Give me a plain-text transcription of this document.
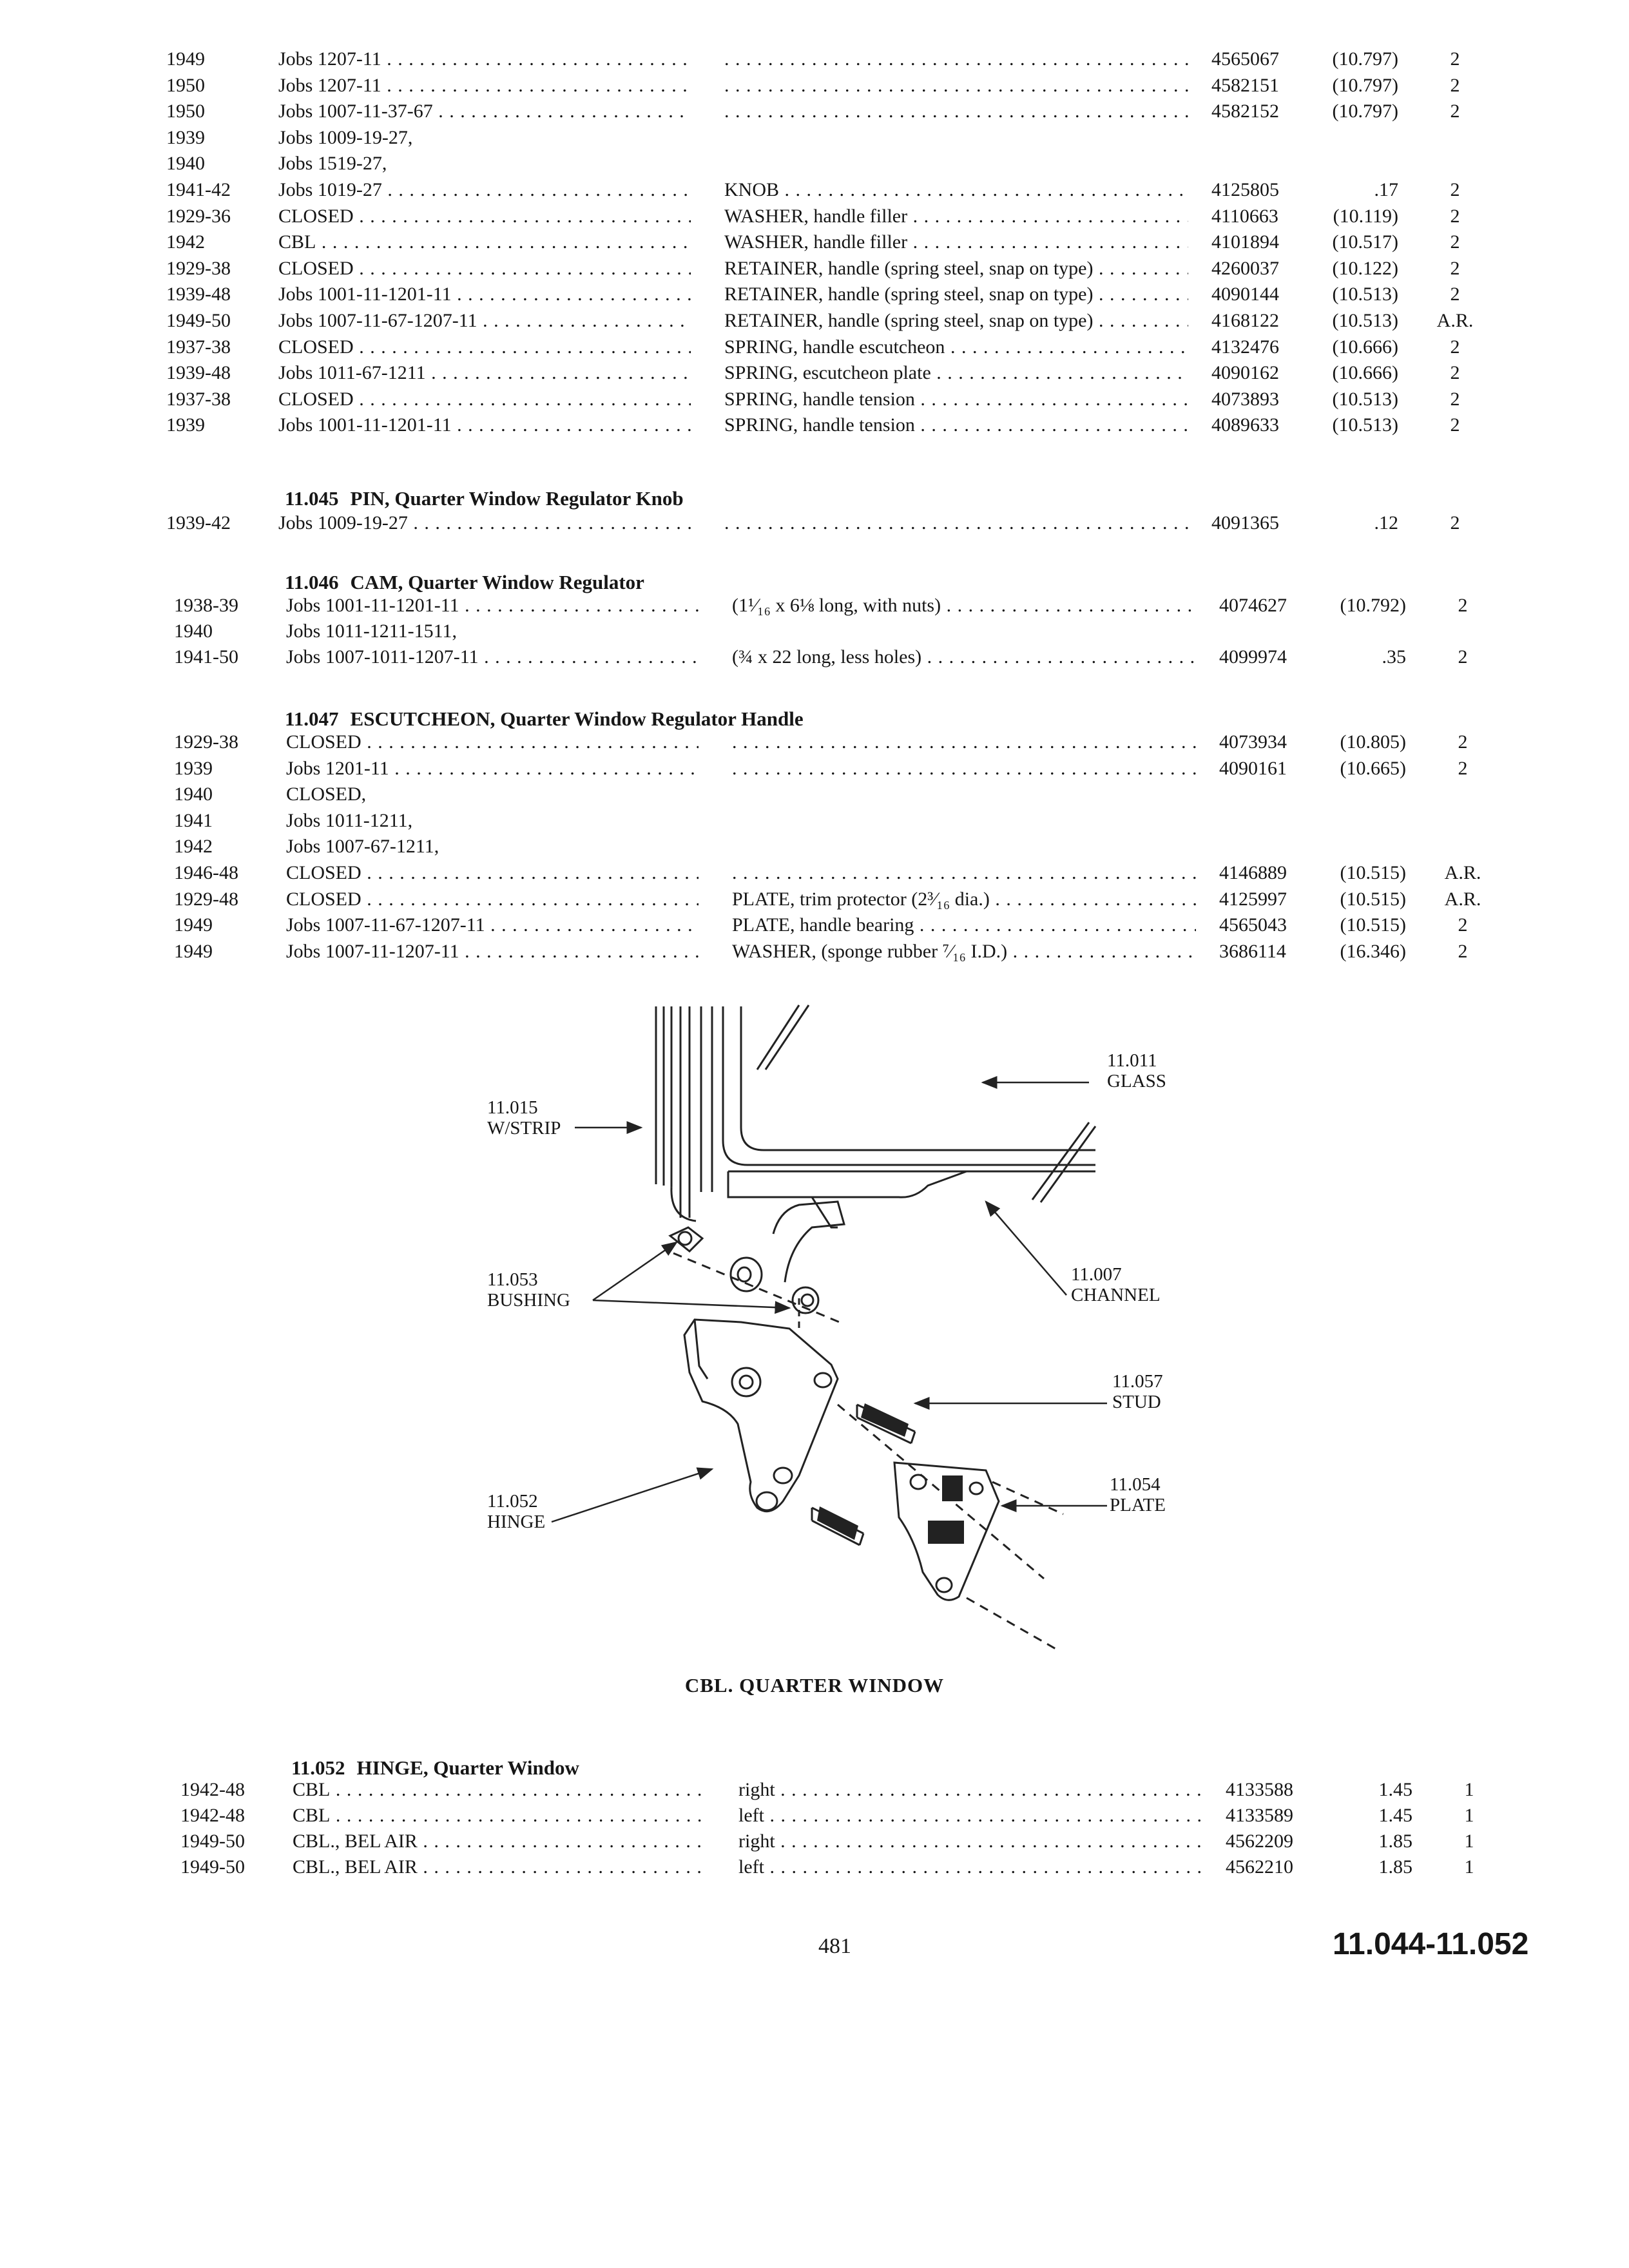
11.045 PIN, Quarter Window Regulator Knob
11.046 CAM, Quarter Window Regulator
11.047 ESCUTCHEON, Quarter Window Regulator Handle
11.052 HINGE, Quarter Window
1949	Jobs 1207-11 . . . . . .	4565067	(10.797)	2
1950	Jobs 1207-11 . . . . . .	4582151	(10.797)	2
1950	Jobs 1007-11-37-67 . . . . . .	4582152	(10.797)	2
1939	Jobs 1009-19-27,
1940	Jobs 1519-27,
1941-42 Jobs 1019-27 . . .	KNOB . . .	4125805	.17	2
1929-36 CLOSED . . .	WASHER, handle filler . . .	4110663	(10.119)	2
1942	CBL . . .	WASHER, handle filler . . .	4101894	(10.517)	2
1929-38 CLOSED . . .	RETAINER, handle (spring steel, snap on type) . . .	4260037	(10.122)	2
1939-48 Jobs 1001-11-1201-11 . . .	RETAINER, handle (spring steel, snap on type) . . .	4090144	(10.513)	2
1949-50 Jobs 1007-11-67-1207-11 . . .	RETAINER, handle (spring steel, snap on type) . . .	4168122	(10.513) A.R.
1937-38 CLOSED . . .	SPRING, handle escutcheon . . .	4132476	(10.666)	2
1939-48 Jobs 1011-67-1211 . . .	SPRING, escutcheon plate . . .	4090162	(10.666)	2
1937-38 CLOSED . . .	SPRING, handle tension . . .	4073893	(10.513)	2
1939	Jobs 1001-11-1201-11 . . .	SPRING, handle tension . . .	4089633	(10.513)	2
1939-42 Jobs 1009-19-27 . . . . . .	4091365	.12	2
1938-39 Jobs 1001-11-1201-11 . . .	(1¹⁄₁₆ x 6⅛ long, with nuts) . . .	4074627	(10.792)	2
1940	Jobs 1011-1211-1511,
1941-50 Jobs 1007-1011-1207-11 . . .	(¾ x 22 long, less holes) . . .	4099974	.35	2
1929-38 CLOSED . . . . . .	4073934	(10.805)	2
1939	Jobs 1201-11 . . . . . .	4090161	(10.665)	2
1940	CLOSED,
1941	Jobs 1011-1211,
1942	Jobs 1007-67-1211,
1946-48 CLOSED . . . . . .	4146889	(10.515) A.R.
1929-48 CLOSED . . .	PLATE, trim protector (2³⁄₁₆ dia.) . . .	4125997	(10.515) A.R.
1949	Jobs 1007-11-67-1207-11 . . .	PLATE, handle bearing . . .	4565043	(10.515)	2
1949	Jobs 1007-11-1207-11 . . .	WASHER, (sponge rubber ⁷⁄₁₆ I.D.) . . .	3686114	(16.346)	2
1942-48 CBL . . .	right . . .	4133588	1.45	1
1942-48 CBL . . .	left . . .	4133589	1.45	1
1949-50 CBL., BEL AIR . . .	right . . .	4562209	1.85	1
1949-50 CBL., BEL AIR . . .	left . . .	4562210	1.85	1
11.011
GLASS
11.015
W/STRIP
11.053
BUSHING
11.007
CHANNEL
11.057
STUD
11.054
PLATE
11.052
HINGE
CBL. QUARTER WINDOW
481	11.044-11.052
